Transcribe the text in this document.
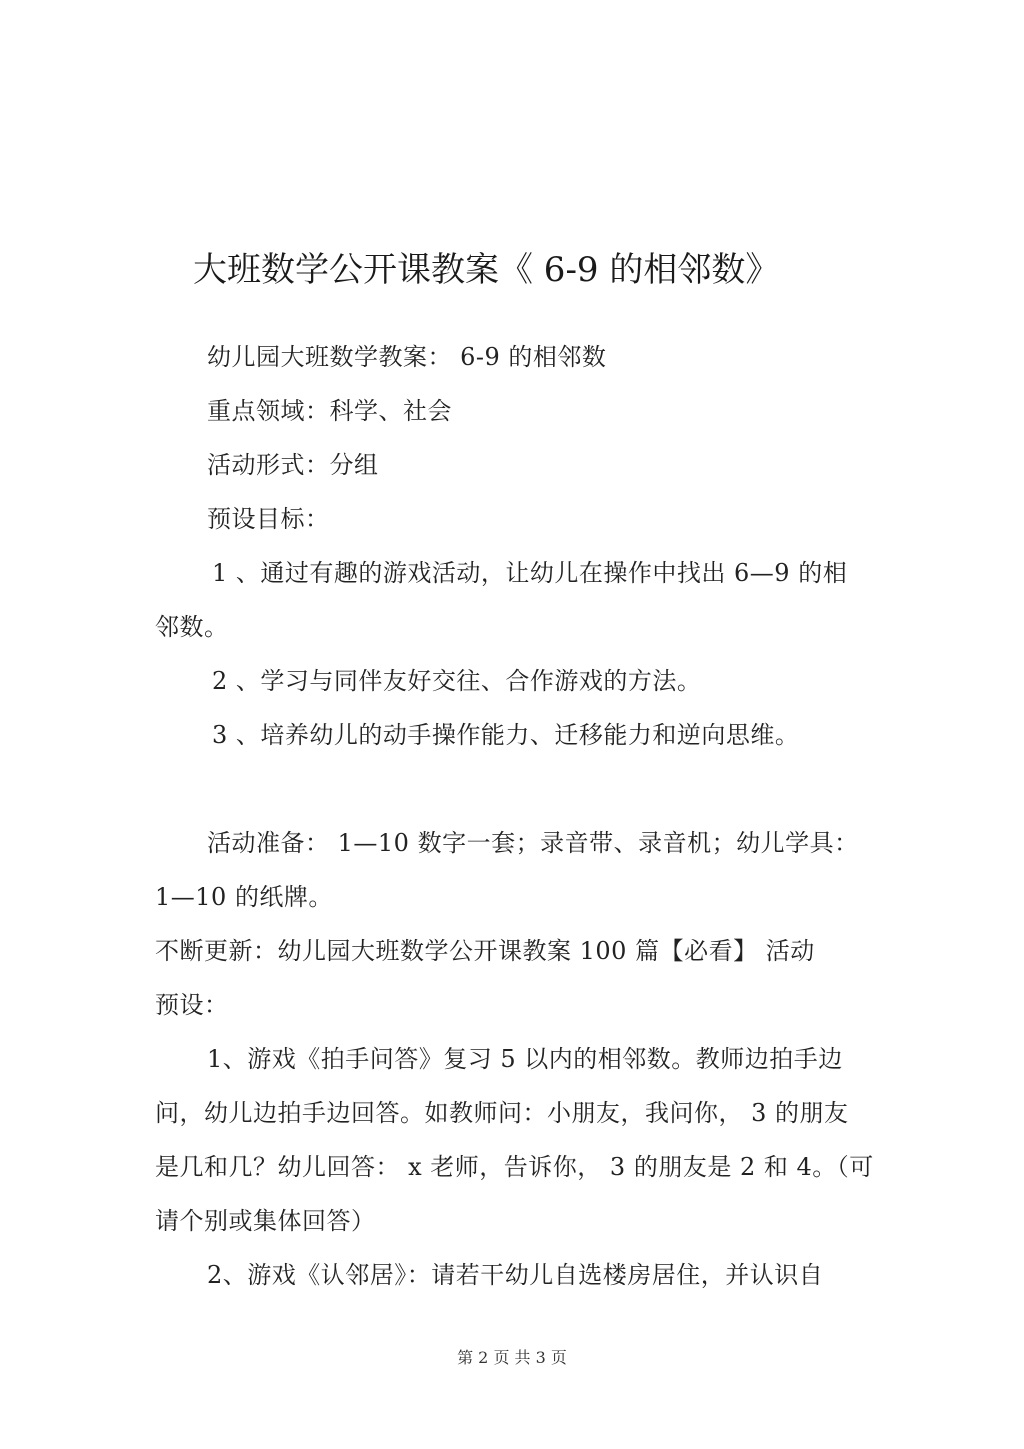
大班数学公开课教案《 6-9 的相邻数》
幼儿园大班数学教案： 6-9 的相邻数
重点领域：科学、社会
活动形式：分组
预设目标：
1 、通过有趣的游戏活动，让幼儿在操作中找出 6—9 的相
邻数。
2 、学习与同伴友好交往、合作游戏的方法。
3 、培养幼儿的动手操作能力、迁移能力和逆向思维。
活动准备： 1—10 数字一套；录音带、录音机；幼儿学具：
1—10 的纸牌。
不断更新：幼儿园大班数学公开课教案 100 篇【必看】 活动
预设：
1、游戏《拍手问答》复习 5 以内的相邻数。教师边拍手边
问，幼儿边拍手边回答。如教师问：小朋友，我问你， 3 的朋友
是几和几？幼儿回答： x 老师，告诉你， 3 的朋友是 2 和 4。（可
请个别或集体回答）
2、游戏《认邻居》：请若干幼儿自选楼房居住，并认识自
第 2 页 共 3 页
